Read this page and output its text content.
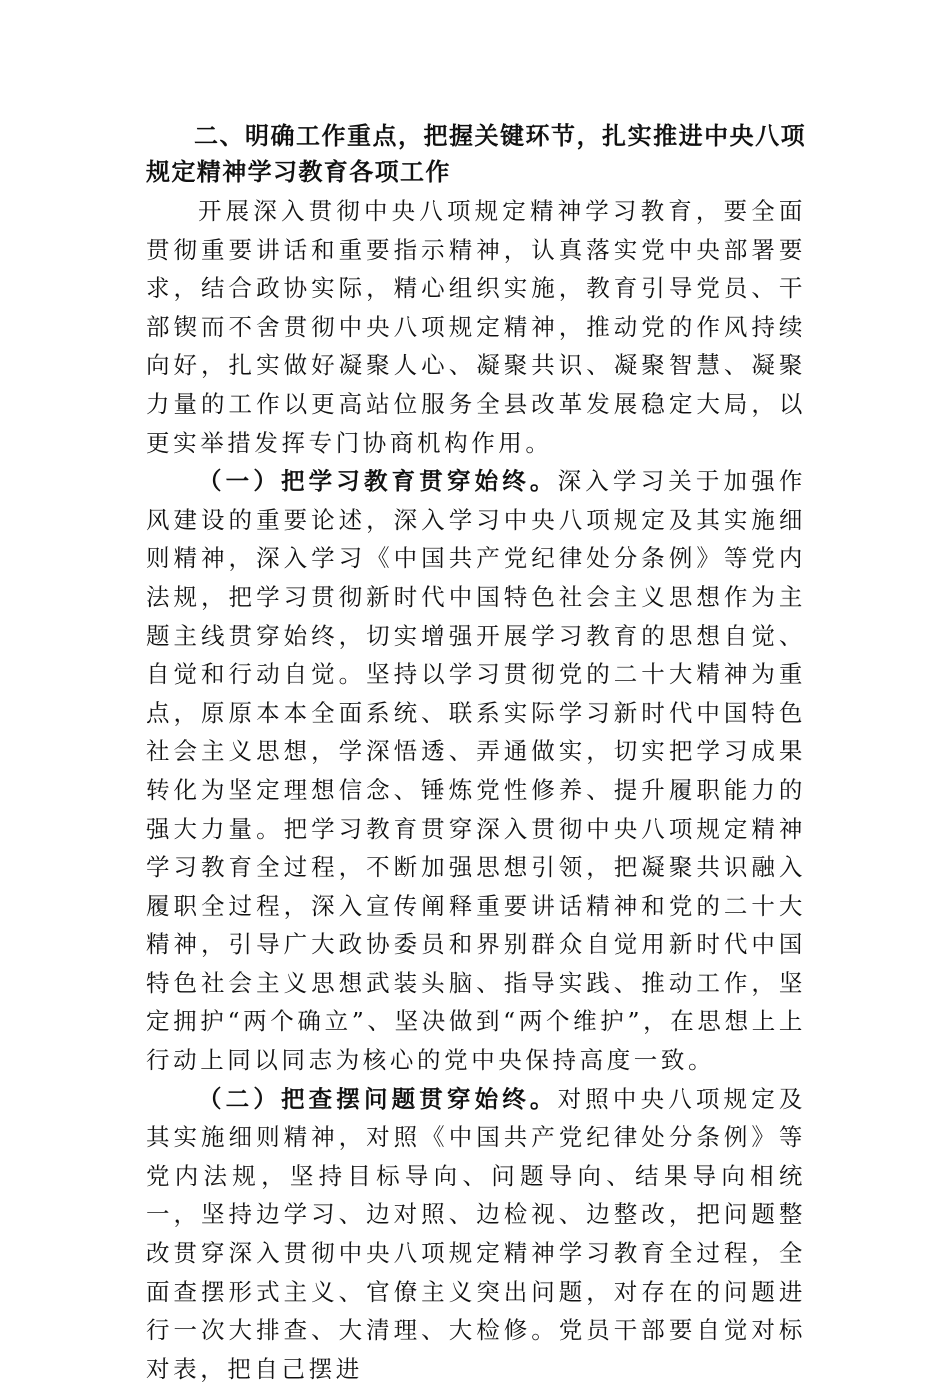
二、明确工作重点，把握关键环节，扎实推进中央八项规定精神学习教育各项工作

开展深入贯彻中央八项规定精神学习教育，要全面贯彻重要讲话和重要指示精神，认真落实党中央部署要求，结合政协实际，精心组织实施，教育引导党员、干部锲而不舍贯彻中央八项规定精神，推动党的作风持续向好，扎实做好凝聚人心、凝聚共识、凝聚智慧、凝聚力量的工作以更高站位服务全县改革发展稳定大局，以更实举措发挥专门协商机构作用。

（一）把学习教育贯穿始终。深入学习关于加强作风建设的重要论述，深入学习中央八项规定及其实施细则精神，深入学习《中国共产党纪律处分条例》等党内法规，把学习贯彻新时代中国特色社会主义思想作为主题主线贯穿始终，切实增强开展学习教育的思想自觉、自觉和行动自觉。坚持以学习贯彻党的二十大精神为重点，原原本本全面系统、联系实际学习新时代中国特色社会主义思想，学深悟透、弄通做实，切实把学习成果转化为坚定理想信念、锤炼党性修养、提升履职能力的强大力量。把学习教育贯穿深入贯彻中央八项规定精神学习教育全过程，不断加强思想引领，把凝聚共识融入履职全过程，深入宣传阐释重要讲话精神和党的二十大精神，引导广大政协委员和界别群众自觉用新时代中国特色社会主义思想武装头脑、指导实践、推动工作，坚定拥护“两个确立”、坚决做到“两个维护”，在思想上上行动上同以同志为核心的党中央保持高度一致。

（二）把查摆问题贯穿始终。对照中央八项规定及其实施细则精神，对照《中国共产党纪律处分条例》等党内法规，坚持目标导向、问题导向、结果导向相统一，坚持边学习、边对照、边检视、边整改，把问题整改贯穿深入贯彻中央八项规定精神学习教育全过程，全面查摆形式主义、官僚主义突出问题，对存在的问题进行一次大排查、大清理、大检修。党员干部要自觉对标对表，把自己摆进
